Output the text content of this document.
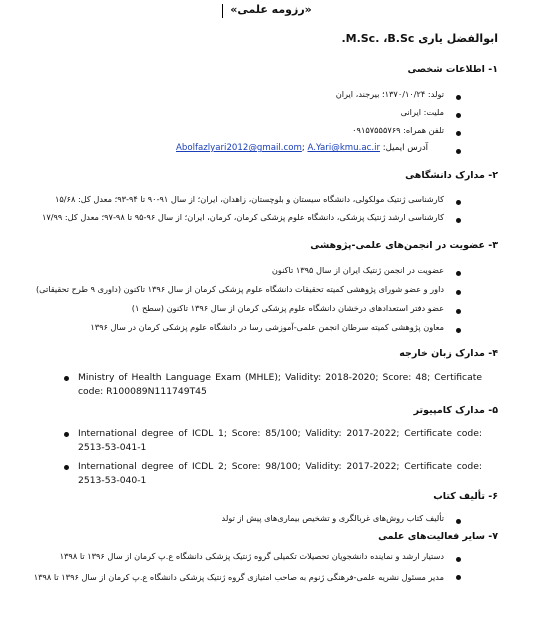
«رزومه علمی»
ابوالفضل یاری M.Sc. ،B.Sc.
۱- اطلاعات شخصی
تولد: ۱۳۷۰/۱۰/۲۴؛ بیرجند، ایران
ملیت: ایرانی
تلفن همراه: ۰۹۱۵۷۵۵۵۷۶۹
Abolfazlyari2012@gmail.com; A.Yari@kmu.ac.ir آدرس ایمیل:
۲- مدارک دانشگاهی
کارشناسی ژنتیک مولکولی، دانشگاه سیستان و بلوچستان، زاهدان، ایران؛ از سال ۹۱-۹۰ تا ۹۴-۹۳؛ معدل کل: ۱۵/۶۸
کارشناسی ارشد ژنتیک پزشکی، دانشگاه علوم پزشکی کرمان، کرمان، ایران؛ از سال ۹۶-۹۵ تا ۹۸-۹۷؛ معدل کل: ۱۷/۹۹
۳- عضویت در انجمن‌های علمی-پژوهشی
عضویت در انجمن ژنتیک ایران از سال ۱۳۹۵ تاکنون
داور و عضو شورای پژوهشی کمیته تحقیقات دانشگاه علوم پزشکی کرمان از سال ۱۳۹۶ تاکنون (داوری ۹ طرح تحقیقاتی)
عضو دفتر استعدادهای درخشان دانشگاه علوم پزشکی کرمان از سال ۱۳۹۶ تاکنون (سطح ۱)
معاون پژوهشی کمیته سرطان انجمن علمی-آموزشی رسا در دانشگاه علوم پزشکی کرمان در سال ۱۳۹۶
۴- مدارک زبان خارجه
Ministry of Health Language Exam (MHLE); Validity: 2018-2020; Score: 48; Certificate code: R100089N111749T45
۵- مدارک کامپیوتر
International degree of ICDL 1; Score: 85/100; Validity: 2017-2022; Certificate code: 2513-53-041-1
International degree of ICDL 2; Score: 98/100; Validity: 2017-2022; Certificate code: 2513-53-040-1
۶- تألیف کتاب
تألیف کتاب روش‌های غربالگری و تشخیص بیماری‌های پیش از تولد
۷- سایر فعالیت‌های علمی
دستیار ارشد و نماینده دانشجویان تحصیلات تکمیلی گروه ژنتیک پزشکی دانشگاه ع.پ کرمان از سال ۱۳۹۶ تا ۱۳۹۸
مدیر مسئول نشریه علمی-فرهنگی ژنوم به صاحب امتیازی گروه ژنتیک پزشکی دانشگاه ع.پ کرمان از سال ۱۳۹۶ تا ۱۳۹۸
